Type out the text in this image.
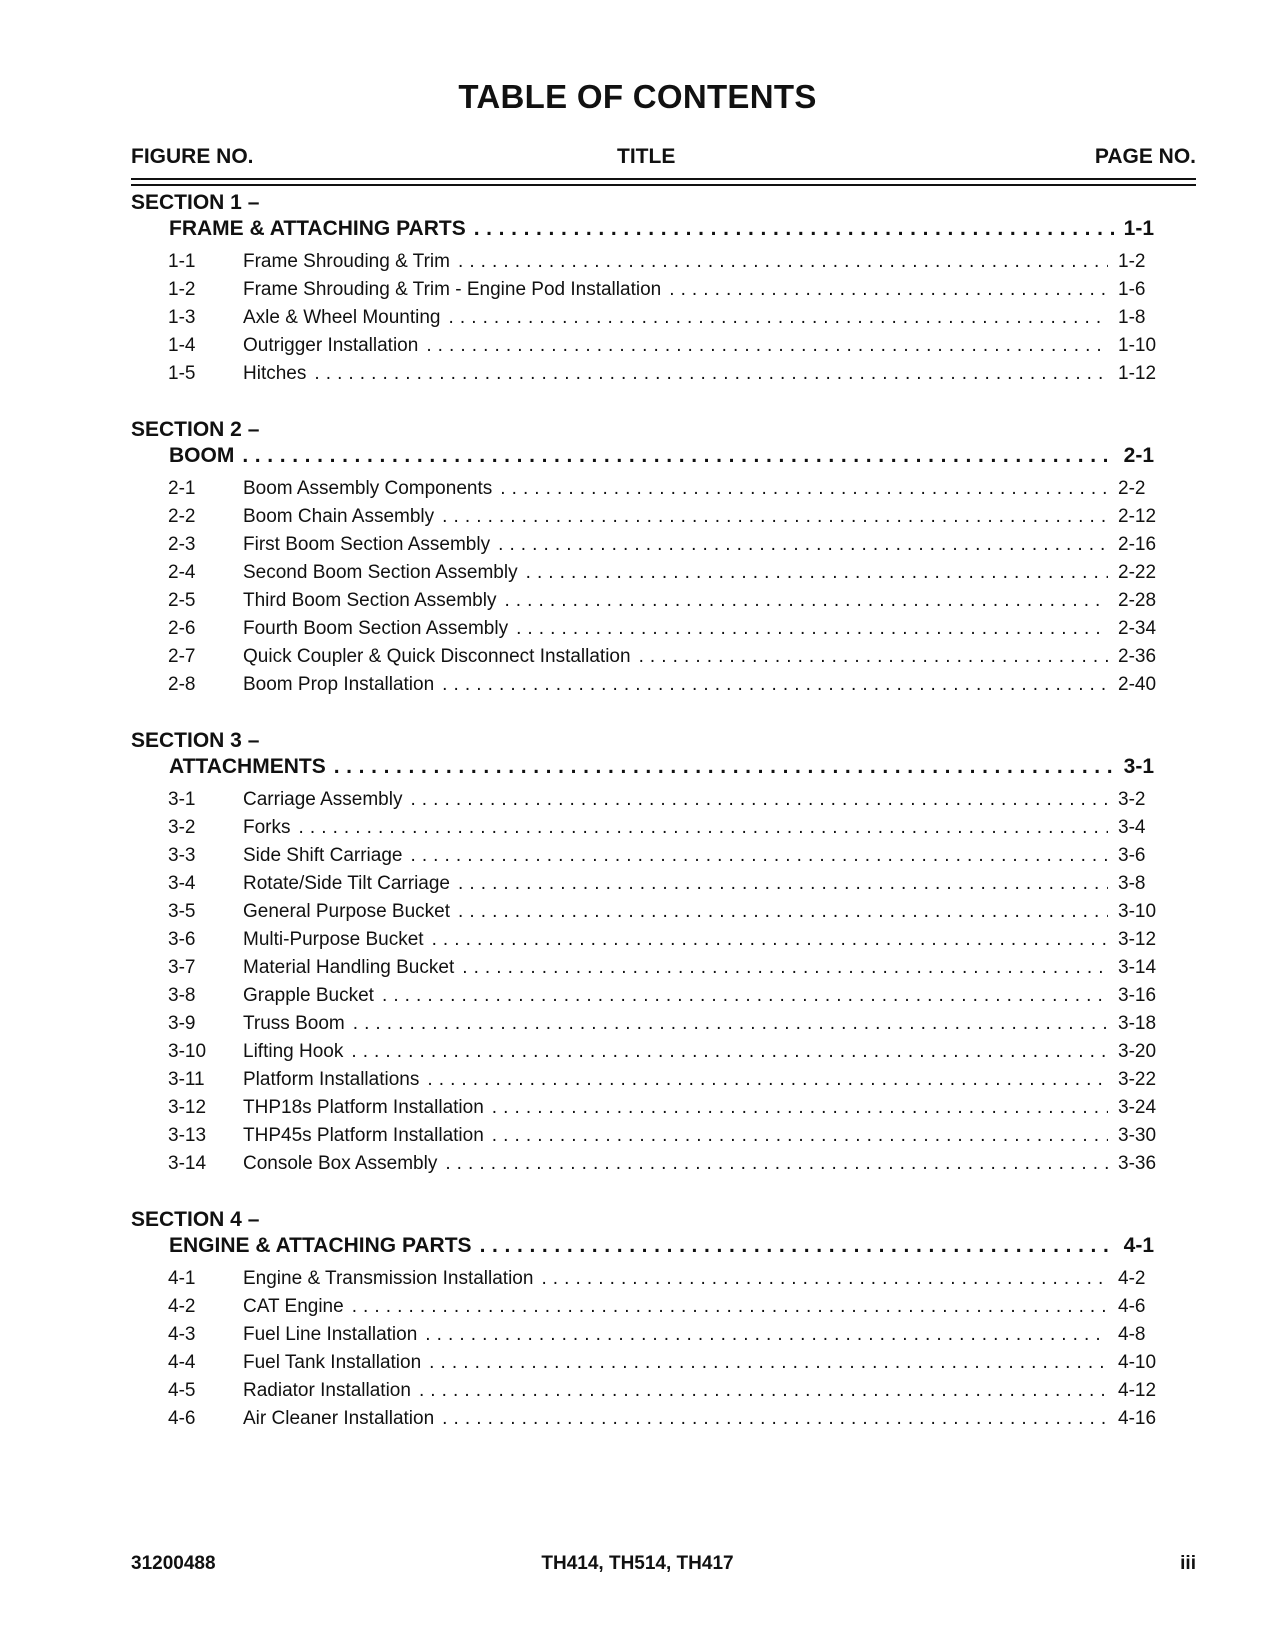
TABLE OF CONTENTS
FIGURE NO.	TITLE	PAGE NO.
SECTION 1 –
FRAME & ATTACHING PARTS . . .	1-1
1-1	Frame Shrouding & Trim . . .	1-2
1-2	Frame Shrouding & Trim - Engine Pod Installation . . .	1-6
1-3	Axle & Wheel Mounting . . .	1-8
1-4	Outrigger Installation . . .	1-10
1-5	Hitches . . .	1-12
SECTION 2 –
BOOM . . .	2-1
2-1	Boom Assembly Components . . .	2-2
2-2	Boom Chain Assembly . . .	2-12
2-3	First Boom Section Assembly . . .	2-16
2-4	Second Boom Section Assembly . . .	2-22
2-5	Third Boom Section Assembly . . .	2-28
2-6	Fourth Boom Section Assembly . . .	2-34
2-7	Quick Coupler & Quick Disconnect Installation . . .	2-36
2-8	Boom Prop Installation . . .	2-40
SECTION 3 –
ATTACHMENTS . . .	3-1
3-1	Carriage Assembly . . .	3-2
3-2	Forks . . .	3-4
3-3	Side Shift Carriage . . .	3-6
3-4	Rotate/Side Tilt Carriage . . .	3-8
3-5	General Purpose Bucket . . .	3-10
3-6	Multi-Purpose Bucket . . .	3-12
3-7	Material Handling Bucket . . .	3-14
3-8	Grapple Bucket . . .	3-16
3-9	Truss Boom . . .	3-18
3-10	Lifting Hook . . .	3-20
3-11	Platform Installations . . .	3-22
3-12	THP18s Platform Installation . . .	3-24
3-13	THP45s Platform Installation . . .	3-30
3-14	Console Box Assembly . . .	3-36
SECTION 4 –
ENGINE & ATTACHING PARTS . . .	4-1
4-1	Engine & Transmission Installation . . .	4-2
4-2	CAT Engine . . .	4-6
4-3	Fuel Line Installation . . .	4-8
4-4	Fuel Tank Installation . . .	4-10
4-5	Radiator Installation . . .	4-12
4-6	Air Cleaner Installation . . .	4-16
31200488	TH414, TH514, TH417	iii
